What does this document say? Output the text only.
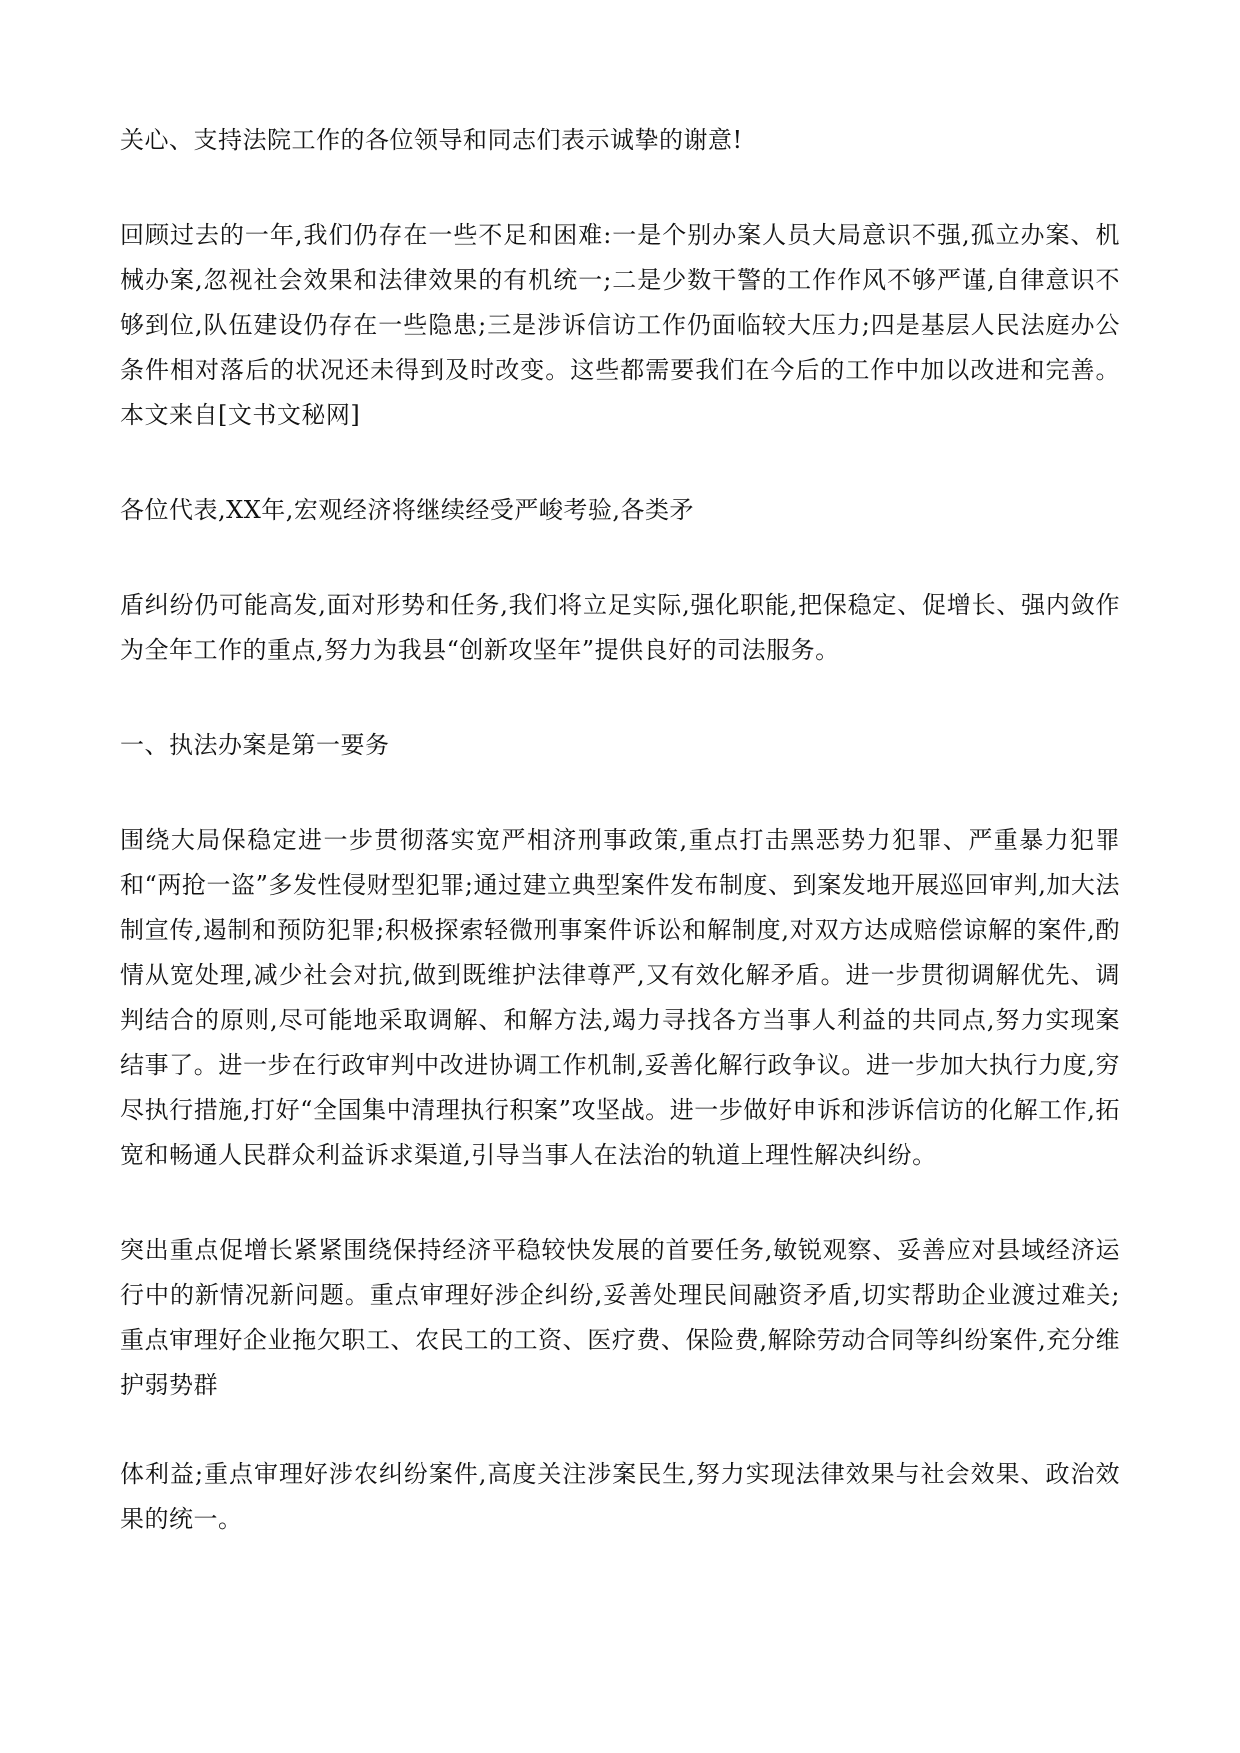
关心、支持法院工作的各位领导和同志们表示诚挚的谢意!

回顾过去的一年,我们仍存在一些不足和困难:一是个别办案人员大局意识不强,孤立办案、机械办案,忽视社会效果和法律效果的有机统一;二是少数干警的工作作风不够严谨,自律意识不够到位,队伍建设仍存在一些隐患;三是涉诉信访工作仍面临较大压力;四是基层人民法庭办公条件相对落后的状况还未得到及时改变。这些都需要我们在今后的工作中加以改进和完善。本文来自[文书文秘网]

各位代表,XX年,宏观经济将继续经受严峻考验,各类矛

盾纠纷仍可能高发,面对形势和任务,我们将立足实际,强化职能,把保稳定、促增长、强内敛作为全年工作的重点,努力为我县“创新攻坚年”提供良好的司法服务。

一、执法办案是第一要务

围绕大局保稳定进一步贯彻落实宽严相济刑事政策,重点打击黑恶势力犯罪、严重暴力犯罪和“两抢一盗”多发性侵财型犯罪;通过建立典型案件发布制度、到案发地开展巡回审判,加大法制宣传,遏制和预防犯罪;积极探索轻微刑事案件诉讼和解制度,对双方达成赔偿谅解的案件,酌情从宽处理,减少社会对抗,做到既维护法律尊严,又有效化解矛盾。进一步贯彻调解优先、调判结合的原则,尽可能地采取调解、和解方法,竭力寻找各方当事人利益的共同点,努力实现案结事了。进一步在行政审判中改进协调工作机制,妥善化解行政争议。进一步加大执行力度,穷尽执行措施,打好“全国集中清理执行积案”攻坚战。进一步做好申诉和涉诉信访的化解工作,拓宽和畅通人民群众利益诉求渠道,引导当事人在法治的轨道上理性解决纠纷。

突出重点促增长紧紧围绕保持经济平稳较快发展的首要任务,敏锐观察、妥善应对县域经济运行中的新情况新问题。重点审理好涉企纠纷,妥善处理民间融资矛盾,切实帮助企业渡过难关;重点审理好企业拖欠职工、农民工的工资、医疗费、保险费,解除劳动合同等纠纷案件,充分维护弱势群

体利益;重点审理好涉农纠纷案件,高度关注涉案民生,努力实现法律效果与社会效果、政治效果的统一。
